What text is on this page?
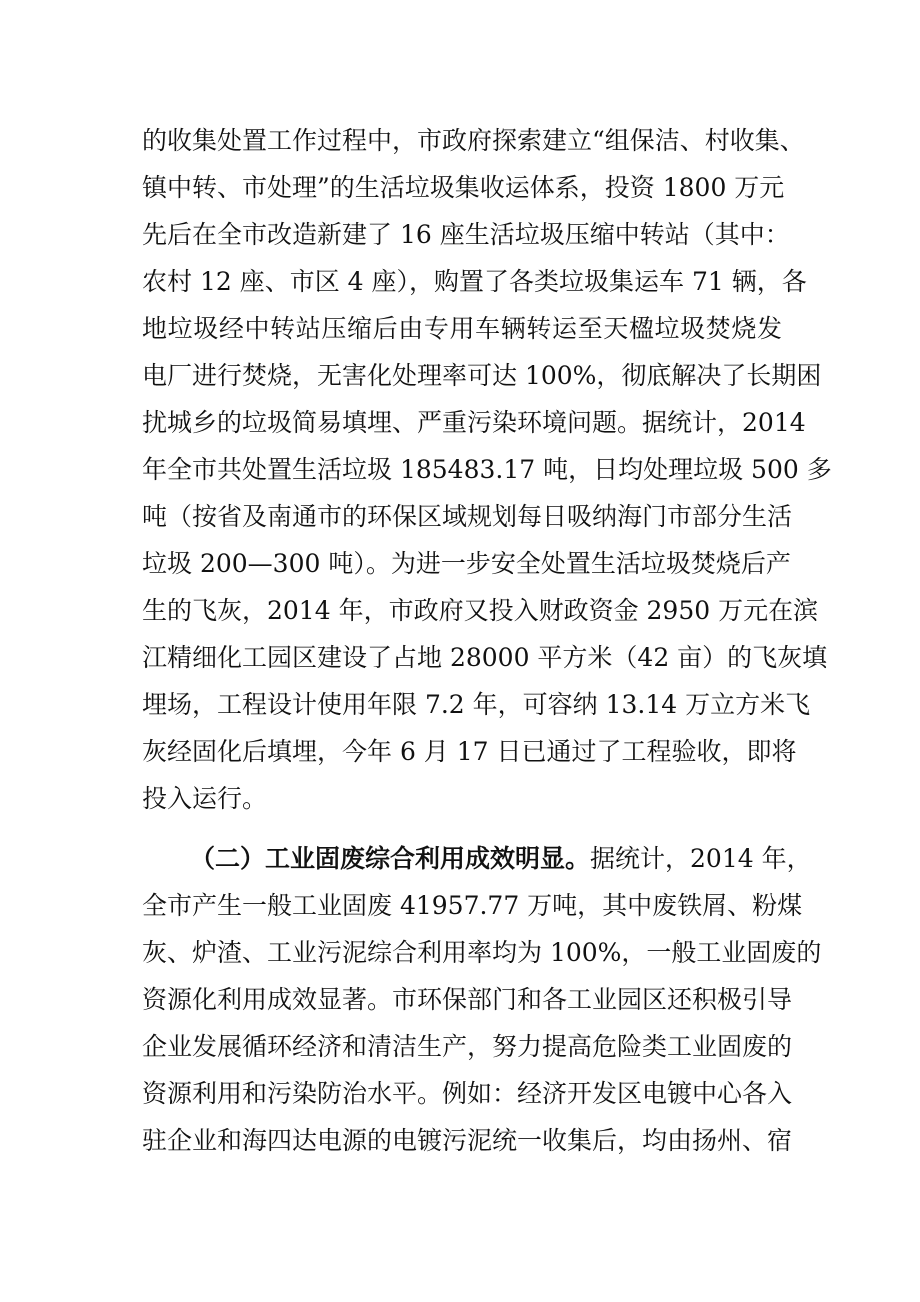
的收集处置工作过程中，市政府探索建立“组保洁、村收集、
镇中转、市处理”的生活垃圾集收运体系，投资 1800 万元
先后在全市改造新建了 16 座生活垃圾压缩中转站（其中：
农村 12 座、市区 4 座），购置了各类垃圾集运车 71 辆，各
地垃圾经中转站压缩后由专用车辆转运至天楹垃圾焚烧发
电厂进行焚烧，无害化处理率可达 100%，彻底解决了长期困
扰城乡的垃圾简易填埋、严重污染环境问题。据统计，2014
年全市共处置生活垃圾 185483.17 吨，日均处理垃圾 500 多
吨（按省及南通市的环保区域规划每日吸纳海门市部分生活
垃圾 200—300 吨）。为进一步安全处置生活垃圾焚烧后产
生的飞灰，2014 年，市政府又投入财政资金 2950 万元在滨
江精细化工园区建设了占地 28000 平方米（42 亩）的飞灰填
埋场，工程设计使用年限 7.2 年，可容纳 13.14 万立方米飞
灰经固化后填埋，今年 6 月 17 日已通过了工程验收，即将
投入运行。
（二）工业固废综合利用成效明显。据统计，2014 年，
全市产生一般工业固废 41957.77 万吨，其中废铁屑、粉煤
灰、炉渣、工业污泥综合利用率均为 100%，一般工业固废的
资源化利用成效显著。市环保部门和各工业园区还积极引导
企业发展循环经济和清洁生产，努力提高危险类工业固废的
资源利用和污染防治水平。例如：经济开发区电镀中心各入
驻企业和海四达电源的电镀污泥统一收集后，均由扬州、宿
